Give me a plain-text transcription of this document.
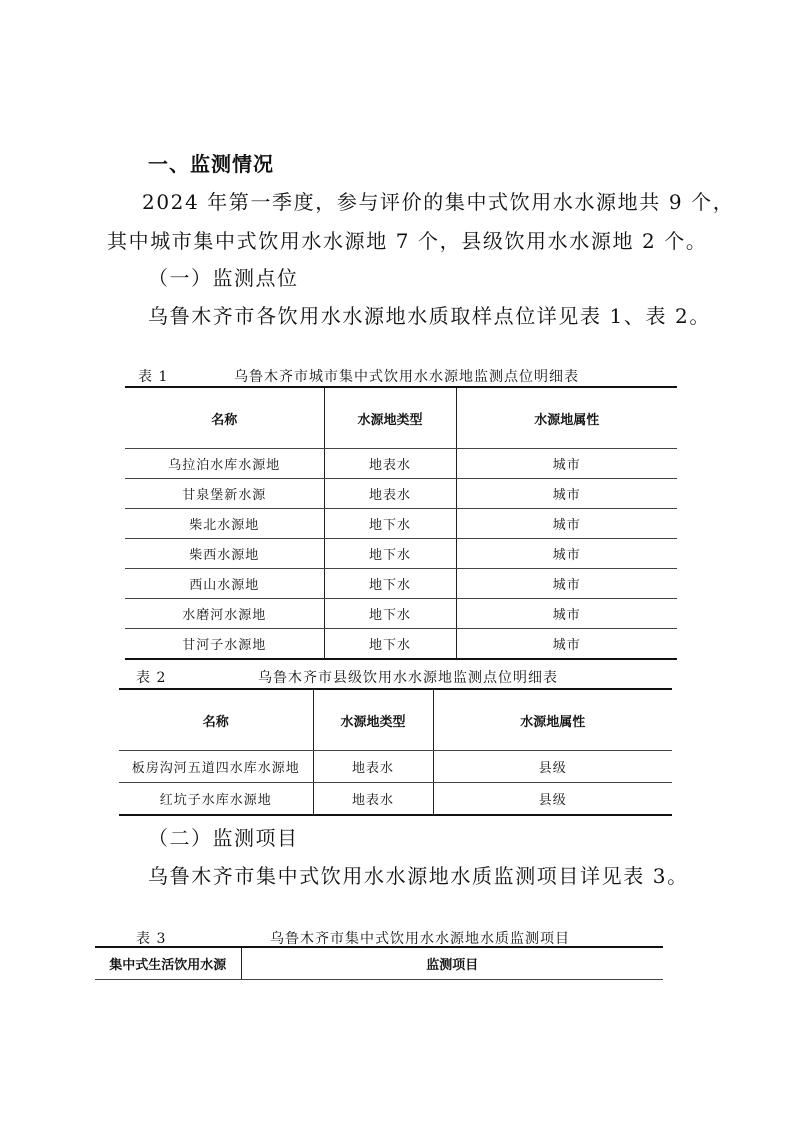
一、监测情况
2024 年第一季度，参与评价的集中式饮用水水源地共 9 个，
其中城市集中式饮用水水源地 7 个，县级饮用水水源地 2 个。
（一）监测点位
乌鲁木齐市各饮用水水源地水质取样点位详见表 1、表 2。
表 1	乌鲁木齐市城市集中式饮用水水源地监测点位明细表
名称	水源地类型	水源地属性
乌拉泊水库水源地	地表水	城市
甘泉堡新水源	地表水	城市
柴北水源地	地下水	城市
柴西水源地	地下水	城市
西山水源地	地下水	城市
水磨河水源地	地下水	城市
甘河子水源地	地下水	城市
表 2	乌鲁木齐市县级饮用水水源地监测点位明细表
名称	水源地类型	水源地属性
板房沟河五道四水库水源地	地表水	县级
红坑子水库水源地	地表水	县级
（二）监测项目
乌鲁木齐市集中式饮用水水源地水质监测项目详见表 3。
表 3	乌鲁木齐市集中式饮用水水源地水质监测项目
集中式生活饮用水源	监测项目
